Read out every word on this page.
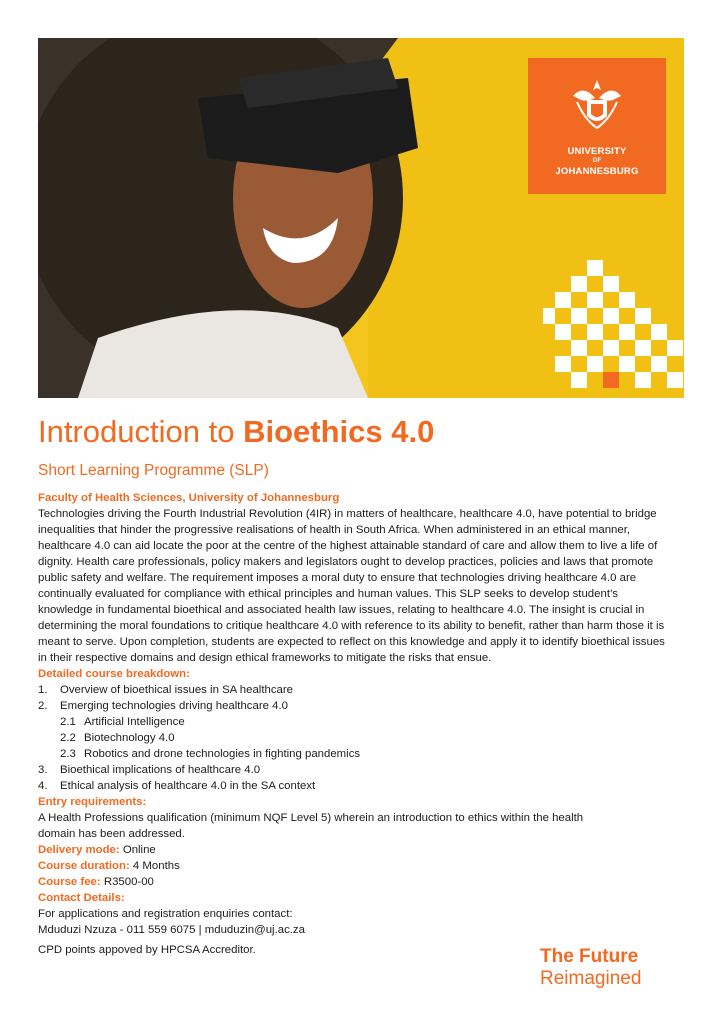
UNIVERSITY
OF
JOHANNESBURG
Introduction to Bioethics 4.0
Short Learning Programme (SLP)

Faculty of Health Sciences, University of Johannesburg

Technologies driving the Fourth Industrial Revolution (4IR) in matters of healthcare, healthcare 4.0, have potential to bridge inequalities that hinder the progressive realisations of health in South Africa. When administered in an ethical manner, healthcare 4.0 can aid locate the poor at the centre of the highest attainable standard of care and allow them to live a life of dignity. Health care professionals, policy makers and legislators ought to develop practices, policies and laws that promote public safety and welfare. The requirement imposes a moral duty to ensure that technologies driving healthcare 4.0 are continually evaluated for compliance with ethical principles and human values. This SLP seeks to develop student’s knowledge in fundamental bioethical and associated health law issues, relating to healthcare 4.0. The insight is crucial in determining the moral foundations to critique healthcare 4.0 with reference to its ability to benefit, rather than harm those it is meant to serve. Upon completion, students are expected to reflect on this knowledge and apply it to identify bioethical issues in their respective domains and design ethical frameworks to mitigate the risks that ensue.

Detailed course breakdown:

1. Overview of bioethical issues in SA healthcare
2. Emerging technologies driving healthcare 4.0
2.1 Artificial Intelligence
2.2 Biotechnology 4.0
2.3 Robotics and drone technologies in fighting pandemics
3. Bioethical implications of healthcare 4.0
4. Ethical analysis of healthcare 4.0 in the SA context

Entry requirements:

A Health Professions qualification (minimum NQF Level 5) wherein an introduction to ethics within the health domain has been addressed.

Delivery mode: Online

Course duration: 4 Months

Course fee: R3500-00

Contact Details:

For applications and registration enquiries contact:

Mduduzi Nzuza - 011 559 6075 | mduduzin@uj.ac.za

CPD points appoved by HPCSA Accreditor.	The Future
Reimagined
